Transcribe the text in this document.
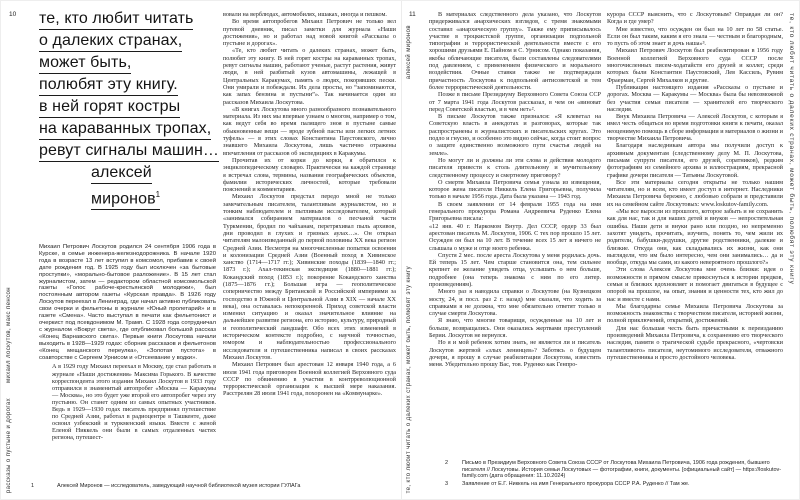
10
михаил лоскутов, макс пенсон
рассказы о пустыне и дорогах
те, кто любит читать
о далеких странах,
может быть,
полюбят эту книгу.
в ней горят костры
на караванных тропах,
ревут сигналы машин…
алексей
миронов$^1$

Михаил Петрович Лоскутов родился 24 сентября 1906 года в Курске, в семье инженера-железнодорожника. В начале 1920 года в возрасте 13 лет вступил в комсомол, прибавив к своей дате рождения год. В 1925 году был исключен «за бытовые проступки», «морально-бытовое разложение». В 15 лет стал журналистом, затем — редактором областной комсомольской газеты «Голос рабоче-крестьянской молодежи», был постоянным автором газеты «Курская правда». В 1926 году Лоскутов переехал в Ленинград, где начал активно публиковать свои очерки и фельетоны в журнале «Юный пролетарий» и в газете «Смена». Часто выступал в печати как фельетонист и очеркист под псевдонимом М. Трамп. С 1928 года сотрудничал с журналом «Вокруг света», где опубликовал большой рассказ «Конец Варнавского скита». Первые книги Лоскутова начали выходить в 1928—1929 годах: сборник рассказов и фельетонов «Конец мещанского переулка», «Золотая пустота» в соавторстве с Сергеем Урнисом и «Отсеевание у водки».

А в 1929 году Михаил переехал в Москву, где стал работать в журнале «Наши достижения» Максима Горького. В качестве корреспондента этого издания Михаил Лоскутов в 1933 году отправился в знаменитый автопробег «Москва — Каракумы — Москва», но это будет уже второй его автопробег через эту пустыню. Он станет одним из самых опытных участников. Ведь в 1929—1930 годах писатель предпринял путешествие по Средней Азии, работал в радиоцентре в Ташкенте, даже освоил узбекский и туркменский языки. Вместе с женой Еленой Никкель они были в самых отдаленных частях региона, путешест-

вовали на верблюдах, автомобилях, ишаках, иногда и пешком.

Во время автопробегов Михаил Петрович не только вел путевой дневник, писал заметки для журнала «Наши достижения», но и работал над новой книгой «Рассказы о пустыне и дорогах».

«Те, кто любит читать о далеких странах, может быть, полюбят эту книгу. В ней горят костры на караванных тропах, ревут сигналы машин, работают ученые, растут растения, живут люди, в ней разбитый кузов автомашины, лежащей в Центральных Каракумах, память о людях, покорявших пески. Они умирали и побеждали. Их дела просты, но “запоминаются, как запах бензина и пустыни”». Так начинается один из рассказов Михаила Лоскутова.

«В книгах Лоскутова много разнообразного познавательного материала. Из них мы впервые узнаем о многом, например о том, как ведут себя во время палящего зноя в пустыне самые обыкновенные вещи — вроде зубной пасты или легких летних туфель» — в этих словах Константина Паустовского, лично знавшего Михаила Лоскутова, лишь частично отражены впечатления от рассказов об экспедициях в Каракумы.

Прочитав их от корки до корки, я обратился к энциклопедическому словарю. Практически на каждой странице я встречал слова, термины, названия географических объектов, фамилии исторических личностей, которые требовали пояснений и комментариев.

Михаил Лоскутов предстал передо мной не только замечательным писателем, талантливым журналистом, но и тонким наблюдателем и пытливым исследователем, который «занимался собиранием материалов о песчаной части Туркмении, бродил по чайханам, перетряхивал пыль архивов, дни проводил в глухих и грязных аулах…». Он открыл читателям малоизведанный до первой половины XX века регион Средней Азии. Несмотря на многочисленные попытки освоения и колонизации Средней Азии (Военный поход в Хивинское ханство (1714—1717 гг.); Хивинские походы (1839—1840 гг.; 1873 г.); Ахал-текинская экспедиция (1880—1881 гг.); Кокандский поход (1853 г.); покорение Кокандского ханства (1875—1876 гг.); Большая игра — геополитическое соперничество между Британской и Российской империями за господство в Южной и Центральной Азии в XIX — начале XX века), она оставалась непокоренной. Приход советской власти изменил ситуацию и оказал значительное влияние на дальнейшее развитие региона, его историю, культуру, природный и геополитический ландшафт. Обо всех этих изменений в историческом контексте подробно, с научной точностью, юмором и наблюдательностью профессионального исследователя и путешественника написал в своих рассказах Михаил Лоскутов.

Михаил Петрович был арестован 12 января 1940 года, а 6 июля 1941 года приговорен Военной коллегией Верховного суда СССР по обвинению в участии в контрреволюционной террористической организации к высшей мере наказания. Расстрелян 28 июля 1941 года, похоронен на «Коммунарке».

1	Алексей Миронов — исследователь, заведующий научной библиотекой музея истории ГУЛАГа
11
алексей миронов
те, кто любит читать о далеких странах, может быть, полюбят эту книгу
те, кто любит читать о далеких странах, может быть, полюбят эту книгу

В материалах следственного дела указано, что Лоскутов придерживался анархических взглядов, с тремя знакомыми составил «анархическую группу». Также ему приписывалось участие в троцкистской группе, организации подпольной типографии и террористической деятельности вместе с его хорошими друзьями Е. Пайном и С. Урнисом. Однако показания, якобы обличающие писателя, были составлены следователями под давлением, с применением физического и морального воздействия. Очные ставки также не подтверждали причастность Лоскутова к подпольной антисоветской и тем более террористической деятельности.

Позже в письме Президиуму Верховного Совета Союза ССР от 7 марта 1941 года Лоскутов рассказал, в чем он «виноват перед Советской властью, и в чем нет»².

В письме Лоскутов также признался: «Я клеветал на Советскую власть в анекдотах и разговорах, которые так распространены в журналистских и писательских кругах. Это подло и гнусно, и особенно это видно сейчас, когда стоит вопрос о защите единственно возможного пути счастья людей на земле».

Но могут ли и должны ли эти слова и действия молодого писателя привести к столь длительному и мучительному следственному процессу и смертному приговору?

О смерти Михаила Петровича семья узнала из извещения, которое жена писателя Никкель Елена Григорьевна, получила только в начале 1956 года. Дата была указана — 1943 год.

В своем заявлении от 14 февраля 1955 года на имя генерального прокурора Романа Андреевича Руденко Елена Григорьевна писала:

«12 янв. 40 г. Наркомом Внутр. Дел СССР, ордер 33 был арестован писатель М. Лоскутов, 1906. С тех пор прошло 15 лет. Осужден он был на 10 лет. В течение всех 15 лет я ничего не слышала о муже и отце моего ребенка.

Спустя 2 мес. после ареста Лоскутова у меня родилась дочь. Ей теперь 15 лет. Чем старше становится она, тем сильнее крепнет ее желание увидеть отца, услышать о нем больше, подробнее (она теперь знакома с ним по его литер. произведениям).

Много раз я наводила справки о Лоскутове (на Кузнецком мосту, 24, и посл. раз 2 г. назад) мне сказали, что ходить за справками я не должна, что мне обязательно ответят только в случае смерти Лоскутова.

Я знаю, что многие товарищи, осужденные на 10 лет и больше, возвращались. Они оказались жертвами преступлений Берии. Лоскутов не вернулся.

Но я и мой ребенок хотим знать, не является ли и писатель Лоскутов жертвой «злых ленинцев»? Заботясь о будущем дочери, я прошу в случае реабилитации Лоскутова, известить меня. Убедительно прошу Вас, тов. Руденко как Генпро-

курора СССР выяснить, что с Лоскутовым? Оправдан ли он? Когда и где умер?

Мне известно, что осужден он был на 10 лет по 58 статье. Если он был таким, каким я его знала — честным и благородным, то пусть об этом знает и дочь наша»³.

Михаил Петрович Лоскутов был реабилитирован в 1956 году Военной коллегией Верховного суда СССР после многочисленных писем-ходатайств его друзей и коллег, среди которых были Константин Паустовский, Лев Кассиль, Рувим Фраерман, Сергей Михалков и другие.

Публикация настоящего издания «Рассказы о пустыне и дорогах. Москва — Каракумы — Москва» была бы невозможной без участия семьи писателя — хранителей его творческого наследия.

Внук Михаила Петровича — Алексей Лоскутов, с которым я имел честь общаться во время подготовки книги к печати, оказал неоценимую помощь в сборе информации и материалов о жизни и творчестве Михаила Петровича.

Благодаря наследникам автора мы получили доступ к архивным документам (следственному делу М. П. Лоскутова, письмам супруги писателя, его друзей, соратников), редким фотографиям из семейного архива и иллюстрациям, прекрасной графике дочери писателя — Татьяны Лоскутовой.

Все эти материалы сегодня открыты не только нашим читателям, но и всем, кто имеет доступ в интернет. Наследники Михаила Петровича бережно, с любовью собрали и представили их на семейном сайте Лоскутовых: www.loskutov-family.com.

«Мы все выросли из прошлого, которое забыть и не сохранить как для нас, так и для наших детей и внуков — непростительная ошибка. Наши дети и внуки рано или поздно, но непременно захотят увидеть, прочитать, изучить, понять то, чем жили их родители, бабушки-дедушки, другие родственники, далекие и близкие. Откуда они, как складывались их жизни, как они выглядели, что им было интересно, чем они занимались… да и вообще, откуда мы сами, из какого невероятного прошлого?»

Эти слова Алексея Лоскутова мне очень близки: идея о возможности в прямом смысле прикоснуться к истории предков, семьи и близких вдохновляет и помогает двигаться в будущее с опорой на прошлое, на опыт, знания и ценности тех, кто жил до нас и вместе с нами.

Мы благодарны семье Михаила Петровича Лоскутова за возможность знакомства с творчеством писателя, историей жизни, полной приключений, открытий, достижений.

Для нас большая честь быть причастными к переизданию произведений Михаила Петровича, к сохранению его творческого наследия, памяти о трагической судьбе прекрасного, «чертовски талантливого» писателя, неутомимого исследователя, отважного путешественника и просто достойного человека.

2	Письмо в Президиум Верховного Совета Союза СССР от Лоскутова Михаила Петровича, 1906 года рождения, бывшего писателя // Лоскутовы. История семьи Лоскутовых — фотографии, книги, документы. [официальный сайт] — https://loskutov-family.com (дата обращения: 11.10.2024)
3	Заявление от Е.Г. Никкель на имя Генерального прокурора СССР Р.А. Руденко // Там же.
